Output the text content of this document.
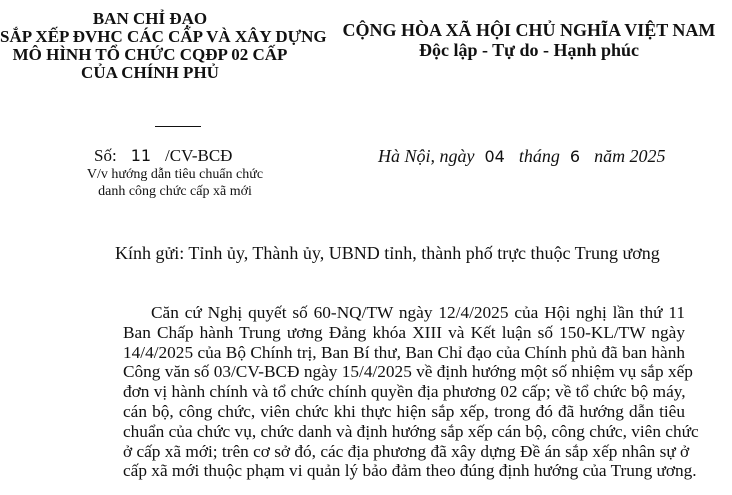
BAN CHỈ ĐẠO
SẮP XẾP ĐVHC CÁC CẤP VÀ XÂY DỰNG
MÔ HÌNH TỔ CHỨC CQĐP 02 CẤP
CỦA CHÍNH PHỦ
Số: 11 /CV-BCĐ
V/v hướng dẫn tiêu chuẩn chức
danh công chức cấp xã mới
CỘNG HÒA XÃ HỘI CHỦ NGHĨA VIỆT NAM
Độc lập - Tự do - Hạnh phúc
Hà Nội, ngày 04 tháng 6 năm 2025
Kính gửi: Tỉnh ủy, Thành ủy, UBND tỉnh, thành phố trực thuộc Trung ương
Căn cứ Nghị quyết số 60-NQ/TW ngày 12/4/2025 của Hội nghị lần thứ 11
Ban Chấp hành Trung ương Đảng khóa XIII và Kết luận số 150-KL/TW ngày
14/4/2025 của Bộ Chính trị, Ban Bí thư, Ban Chỉ đạo của Chính phủ đã ban hành
Công văn số 03/CV-BCĐ ngày 15/4/2025 về định hướng một số nhiệm vụ sắp xếp
đơn vị hành chính và tổ chức chính quyền địa phương 02 cấp; về tổ chức bộ máy,
cán bộ, công chức, viên chức khi thực hiện sắp xếp, trong đó đã hướng dẫn tiêu
chuẩn của chức vụ, chức danh và định hướng sắp xếp cán bộ, công chức, viên chức
ở cấp xã mới; trên cơ sở đó, các địa phương đã xây dựng Đề án sắp xếp nhân sự ở
cấp xã mới thuộc phạm vi quản lý bảo đảm theo đúng định hướng của Trung ương.
